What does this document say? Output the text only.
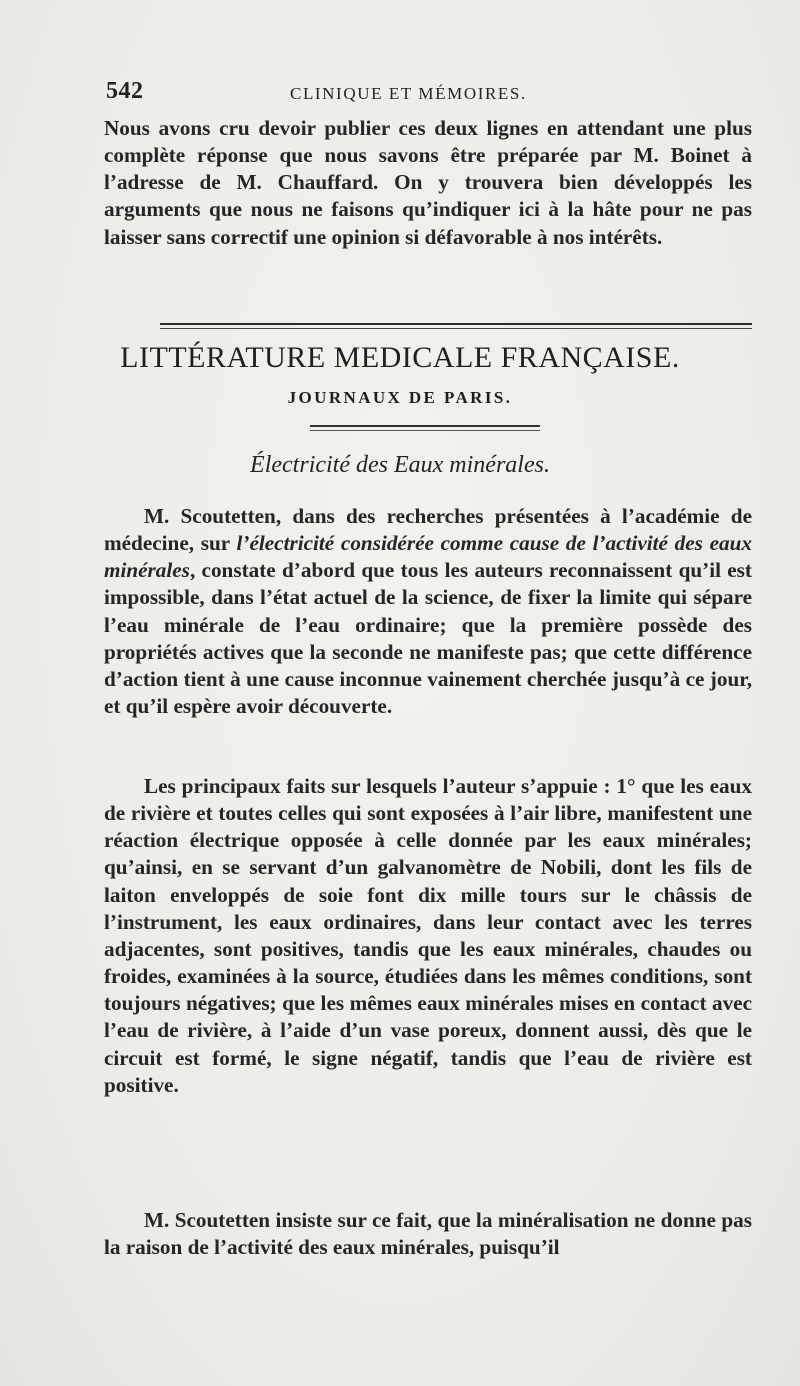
542	CLINIQUE ET MÉMOIRES.

Nous avons cru devoir publier ces deux lignes en attendant une plus complète réponse que nous savons être préparée par M. Boinet à l’adresse de M. Chauffard. On y trouvera bien développés les arguments que nous ne faisons qu’indiquer ici à la hâte pour ne pas laisser sans correctif une opinion si défavorable à nos intérêts.

LITTÉRATURE MEDICALE FRANÇAISE.
JOURNAUX DE PARIS.
Électricité des Eaux minérales.

M. Scoutetten, dans des recherches présentées à l’académie de médecine, sur l’électricité considérée comme cause de l’activité des eaux minérales, constate d’abord que tous les auteurs reconnaissent qu’il est impossible, dans l’état actuel de la science, de fixer la limite qui sépare l’eau minérale de l’eau ordinaire; que la première possède des propriétés actives que la seconde ne manifeste pas; que cette différence d’action tient à une cause inconnue vainement cherchée jusqu’à ce jour, et qu’il espère avoir découverte.

Les principaux faits sur lesquels l’auteur s’appuie : 1° que les eaux de rivière et toutes celles qui sont exposées à l’air libre, manifestent une réaction électrique opposée à celle donnée par les eaux minérales; qu’ainsi, en se servant d’un galvanomètre de Nobili, dont les fils de laiton enveloppés de soie font dix mille tours sur le châssis de l’instrument, les eaux ordinaires, dans leur contact avec les terres adjacentes, sont positives, tandis que les eaux minérales, chaudes ou froides, examinées à la source, étudiées dans les mêmes conditions, sont toujours négatives; que les mêmes eaux minérales mises en contact avec l’eau de rivière, à l’aide d’un vase poreux, donnent aussi, dès que le circuit est formé, le signe négatif, tandis que l’eau de rivière est positive.

M. Scoutetten insiste sur ce fait, que la minéralisation ne donne pas la raison de l’activité des eaux minérales, puisqu’il
